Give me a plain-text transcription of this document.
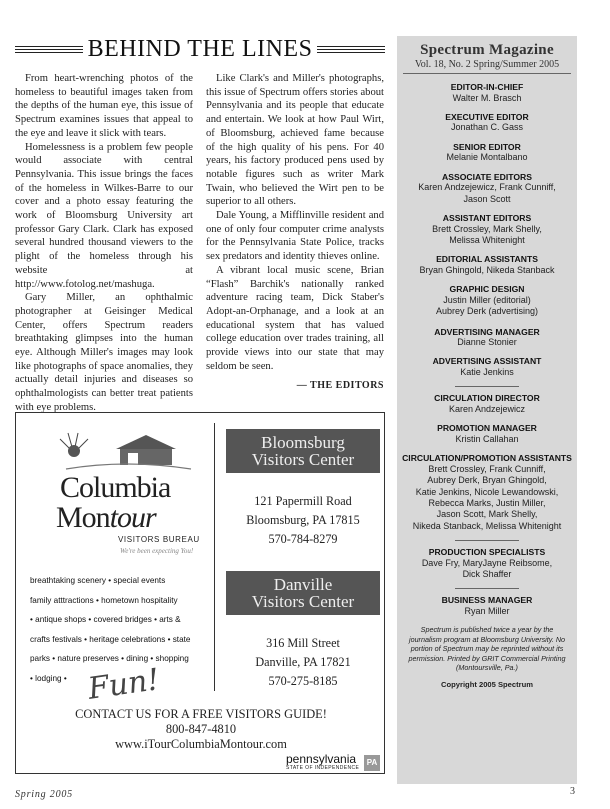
BEHIND THE LINES

From heart-wrenching photos of the homeless to beautiful images taken from the depths of the human eye, this issue of Spectrum examines issues that appeal to the eye and leave it slick with tears.

Homelessness is a problem few people would associate with central Pennsylvania. This issue brings the faces of the homeless in Wilkes-Barre to our cover and a photo essay featuring the work of Bloomsburg University art professor Gary Clark. Clark has exposed several hundred thousand viewers to the plight of the homeless through his website at http://www.fotolog.net/mashuga.

Gary Miller, an ophthalmic photographer at Geisinger Medical Center, offers Spectrum readers breathtaking glimpses into the human eye. Although Miller's images may look like photographs of space anomalies, they actually detail injuries and diseases so ophthalmologists can better treat patients with eye problems.

Like Clark's and Miller's photographs, this issue of Spectrum offers stories about Pennsylvania and its people that educate and entertain. We look at how Paul Wirt, of Bloomsburg, achieved fame because of the high quality of his pens. For 40 years, his factory produced pens used by notable figures such as writer Mark Twain, who believed the Wirt pen to be superior to all others.

Dale Young, a Mifflinville resident and one of only four computer crime analysts for the Pennsylvania State Police, tracks sex predators and identity thieves online.

A vibrant local music scene, Brian “Flash” Barchik's nationally ranked adventure racing team, Dick Staber's Adopt-an-Orphanage, and a look at an educational system that has valued college education over trades training, all provide views into our state that may seldom be seen.

— THE EDITORS
Columbia
Montour
VISITORS BUREAU
We're been expecting You!
breathtaking scenery • special events
family atttractions • hometown hospitality
• antique shops • covered bridges • arts &
crafts festivals • heritage celebrations • state
parks • nature preserves • dining • shopping
• lodging • Fun!
Bloomsburg
Visitors Center
121 Papermill Road
Bloomsburg, PA 17815
570-784-8279
Danville
Visitors Center
316 Mill Street
Danville, PA 17821
570-275-8185
CONTACT US FOR A FREE VISITORS GUIDE!
800-847-4810
www.iTourColumbiaMontour.com
pennsylvania
STATE OF INDEPENDENCE
PA
Spectrum Magazine
Vol. 18, No. 2 Spring/Summer 2005
EDITOR-IN-CHIEF
Walter M. Brasch
EXECUTIVE EDITOR
Jonathan C. Gass
SENIOR EDITOR
Melanie Montalbano
ASSOCIATE EDITORS
Karen Andzejewicz, Frank Cunniff,
Jason Scott
ASSISTANT EDITORS
Brett Crossley, Mark Shelly,
Melissa Whitenight
EDITORIAL ASSISTANTS
Bryan Ghingold, Nikeda Stanback
GRAPHIC DESIGN
Justin Miller (editorial)
Aubrey Derk (advertising)
ADVERTISING MANAGER
Dianne Stonier
ADVERTISING ASSISTANT
Katie Jenkins
CIRCULATION DIRECTOR
Karen Andzejewicz
PROMOTION MANAGER
Kristin Callahan
CIRCULATION/PROMOTION ASSISTANTS
Brett Crossley, Frank Cunniff,
Aubrey Derk, Bryan Ghingold,
Katie Jenkins, Nicole Lewandowski,
Rebecca Marks, Justin Miller,
Jason Scott, Mark Shelly,
Nikeda Stanback, Melissa Whitenight
PRODUCTION SPECIALISTS
Dave Fry, MaryJayne Reibsome,
Dick Shaffer
BUSINESS MANAGER
Ryan Miller
Spectrum is published twice a year by the journalism program at Bloomsburg University. No portion of Spectrum may be reprinted without its permission. Printed by GRIT Commercial Printing (Montoursville, Pa.)
Copyright 2005 Spectrum
Spring 2005	3
